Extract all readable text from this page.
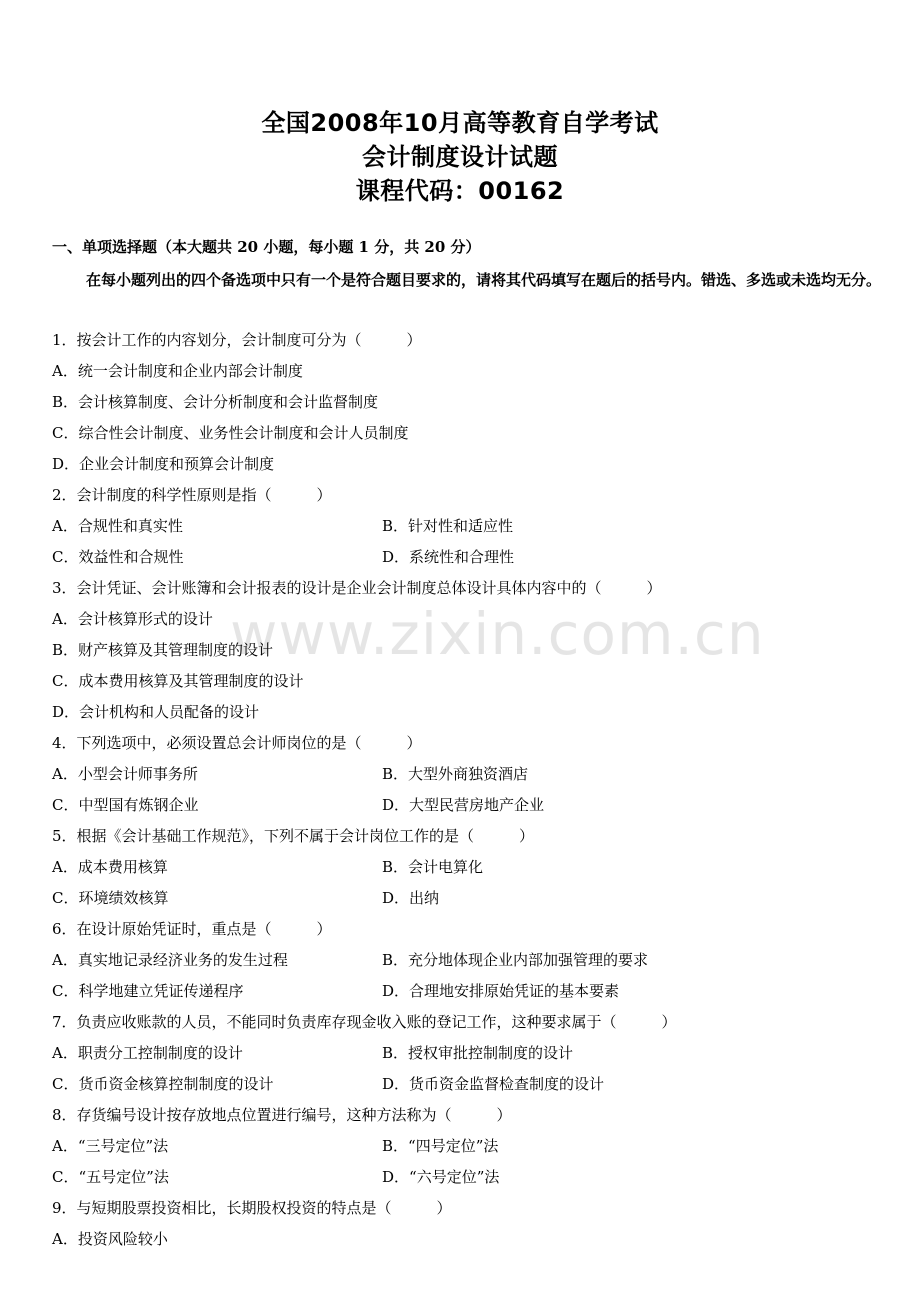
全国2008年10月高等教育自学考试
会计制度设计试题
课程代码：00162
一、单项选择题（本大题共 20 小题，每小题 1 分，共 20 分）
在每小题列出的四个备选项中只有一个是符合题目要求的，请将其代码填写在题后的括号内。错选、多选或未选均无分。
1．按会计工作的内容划分，会计制度可分为（　　　）
A．统一会计制度和企业内部会计制度
B．会计核算制度、会计分析制度和会计监督制度
C．综合性会计制度、业务性会计制度和会计人员制度
D．企业会计制度和预算会计制度
2．会计制度的科学性原则是指（　　　）
A．合规性和真实性	B．针对性和适应性
C．效益性和合规性	D．系统性和合理性
3．会计凭证、会计账簿和会计报表的设计是企业会计制度总体设计具体内容中的（　　　）
A．会计核算形式的设计
B．财产核算及其管理制度的设计
C．成本费用核算及其管理制度的设计
D．会计机构和人员配备的设计
4．下列选项中，必须设置总会计师岗位的是（　　　）
A．小型会计师事务所	B．大型外商独资酒店
C．中型国有炼钢企业	D．大型民营房地产企业
5．根据《会计基础工作规范》，下列不属于会计岗位工作的是（　　　）
A．成本费用核算	B．会计电算化
C．环境绩效核算	D．出纳
6．在设计原始凭证时，重点是（　　　）
A．真实地记录经济业务的发生过程	B．充分地体现企业内部加强管理的要求
C．科学地建立凭证传递程序	D．合理地安排原始凭证的基本要素
7．负责应收账款的人员，不能同时负责库存现金收入账的登记工作，这种要求属于（　　　）
A．职责分工控制制度的设计	B．授权审批控制制度的设计
C．货币资金核算控制制度的设计	D．货币资金监督检查制度的设计
8．存货编号设计按存放地点位置进行编号，这种方法称为（　　　）
A．“三号定位”法	B．“四号定位”法
C．“五号定位”法	D．“六号定位”法
9．与短期股票投资相比，长期股权投资的特点是（　　　）
A．投资风险较小
www.zixin.com.cn
